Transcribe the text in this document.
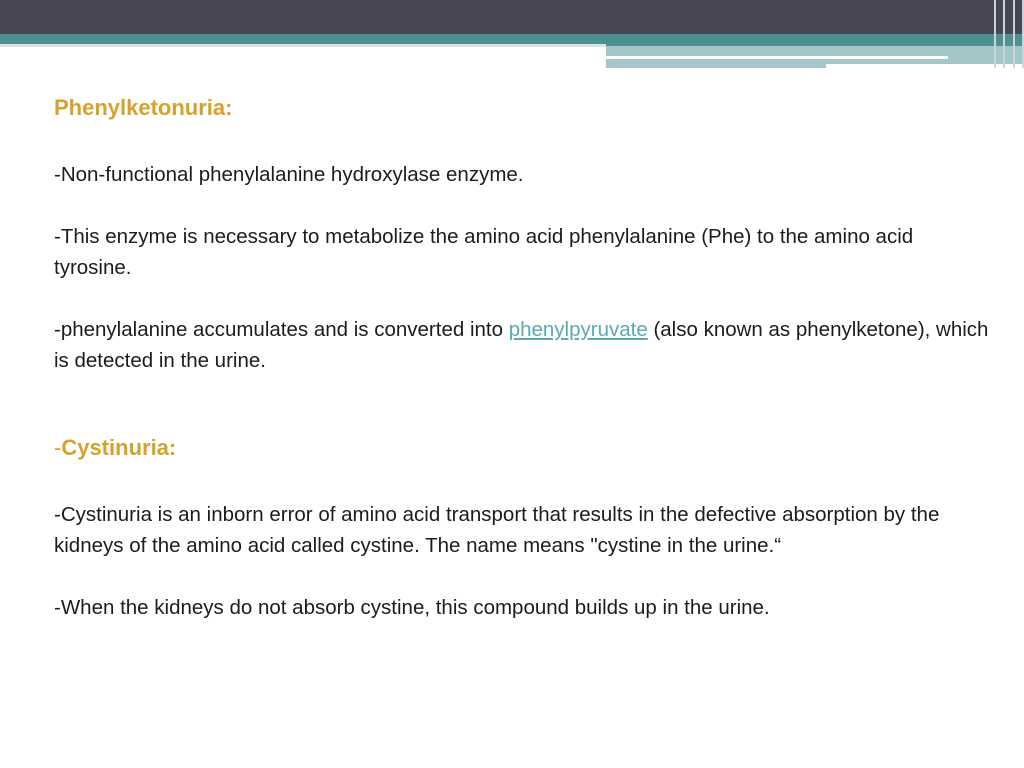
Phenylketonuria:

-Non-functional phenylalanine hydroxylase enzyme.

-This enzyme is necessary to metabolize the amino acid phenylalanine (Phe) to the amino acid tyrosine.

-phenylalanine accumulates and is converted into phenylpyruvate (also known as phenylketone), which is detected in the urine.

-Cystinuria:

-Cystinuria is an inborn error of amino acid transport that results in the defective absorption by the kidneys of the amino acid called cystine. The name means "cystine in the urine.“

-When the kidneys do not absorb cystine, this compound builds up in the urine.
